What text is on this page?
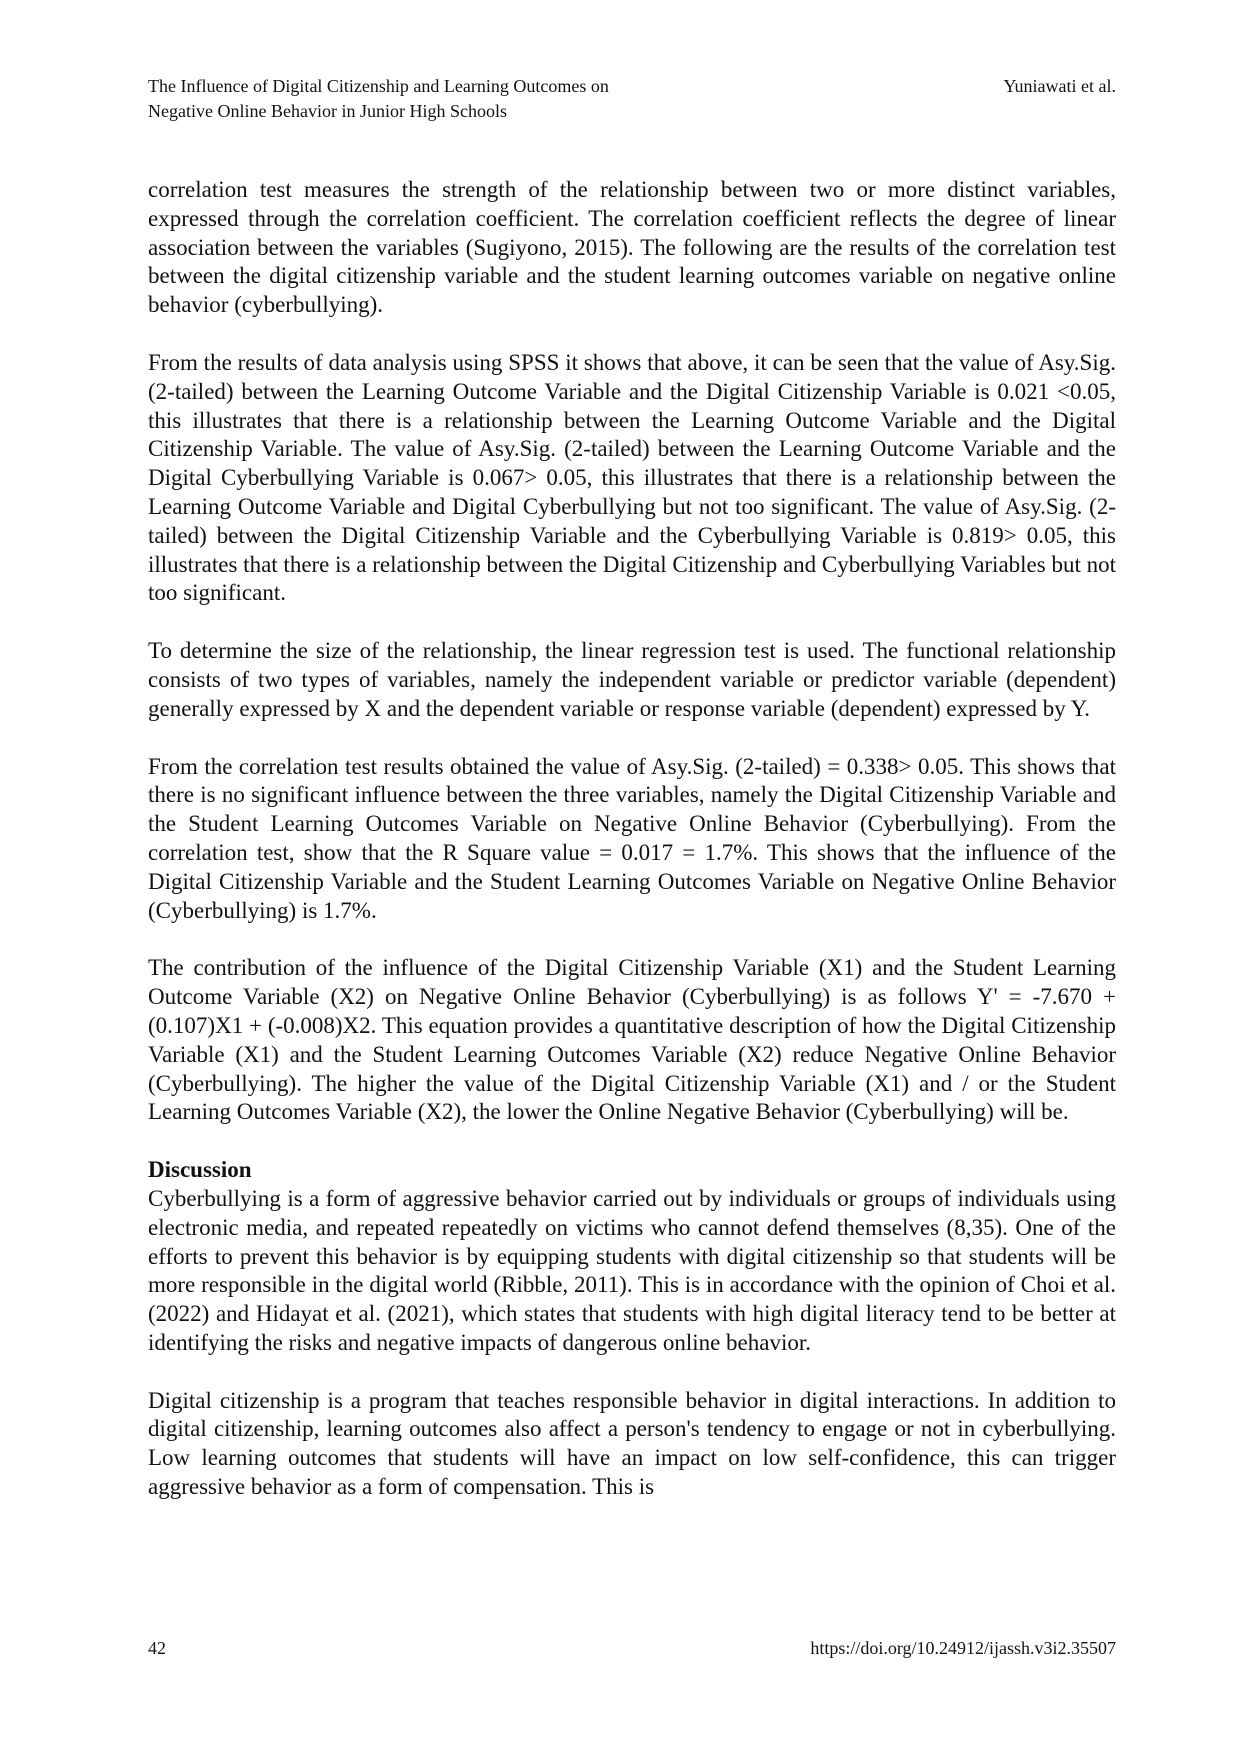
The Influence of Digital Citizenship and Learning Outcomes on
Negative Online Behavior in Junior High Schools
Yuniawati et al.

correlation test measures the strength of the relationship between two or more distinct variables, expressed through the correlation coefficient. The correlation coefficient reflects the degree of linear association between the variables (Sugiyono, 2015). The following are the results of the correlation test between the digital citizenship variable and the student learning outcomes variable on negative online behavior (cyberbullying).

From the results of data analysis using SPSS it shows that above, it can be seen that the value of Asy.Sig. (2-tailed) between the Learning Outcome Variable and the Digital Citizenship Variable is 0.021 <0.05, this illustrates that there is a relationship between the Learning Outcome Variable and the Digital Citizenship Variable. The value of Asy.Sig. (2-tailed) between the Learning Outcome Variable and the Digital Cyberbullying Variable is 0.067> 0.05, this illustrates that there is a relationship between the Learning Outcome Variable and Digital Cyberbullying but not too significant. The value of Asy.Sig. (2-tailed) between the Digital Citizenship Variable and the Cyberbullying Variable is 0.819> 0.05, this illustrates that there is a relationship between the Digital Citizenship and Cyberbullying Variables but not too significant.

To determine the size of the relationship, the linear regression test is used. The functional relationship consists of two types of variables, namely the independent variable or predictor variable (dependent) generally expressed by X and the dependent variable or response variable (dependent) expressed by Y.

From the correlation test results obtained the value of Asy.Sig. (2-tailed) = 0.338> 0.05. This shows that there is no significant influence between the three variables, namely the Digital Citizenship Variable and the Student Learning Outcomes Variable on Negative Online Behavior (Cyberbullying). From the correlation test, show that the R Square value = 0.017 = 1.7%. This shows that the influence of the Digital Citizenship Variable and the Student Learning Outcomes Variable on Negative Online Behavior (Cyberbullying) is 1.7%.

The contribution of the influence of the Digital Citizenship Variable (X1) and the Student Learning Outcome Variable (X2) on Negative Online Behavior (Cyberbullying) is as follows Y' = -7.670 + (0.107)X1 + (-0.008)X2. This equation provides a quantitative description of how the Digital Citizenship Variable (X1) and the Student Learning Outcomes Variable (X2) reduce Negative Online Behavior (Cyberbullying). The higher the value of the Digital Citizenship Variable (X1) and / or the Student Learning Outcomes Variable (X2), the lower the Online Negative Behavior (Cyberbullying) will be.

Discussion

Cyberbullying is a form of aggressive behavior carried out by individuals or groups of individuals using electronic media, and repeated repeatedly on victims who cannot defend themselves (8,35). One of the efforts to prevent this behavior is by equipping students with digital citizenship so that students will be more responsible in the digital world (Ribble, 2011). This is in accordance with the opinion of Choi et al. (2022) and Hidayat et al. (2021), which states that students with high digital literacy tend to be better at identifying the risks and negative impacts of dangerous online behavior.

Digital citizenship is a program that teaches responsible behavior in digital interactions. In addition to digital citizenship, learning outcomes also affect a person's tendency to engage or not in cyberbullying. Low learning outcomes that students will have an impact on low self-confidence, this can trigger aggressive behavior as a form of compensation. This is

42	https://doi.org/10.24912/ijassh.v3i2.35507
